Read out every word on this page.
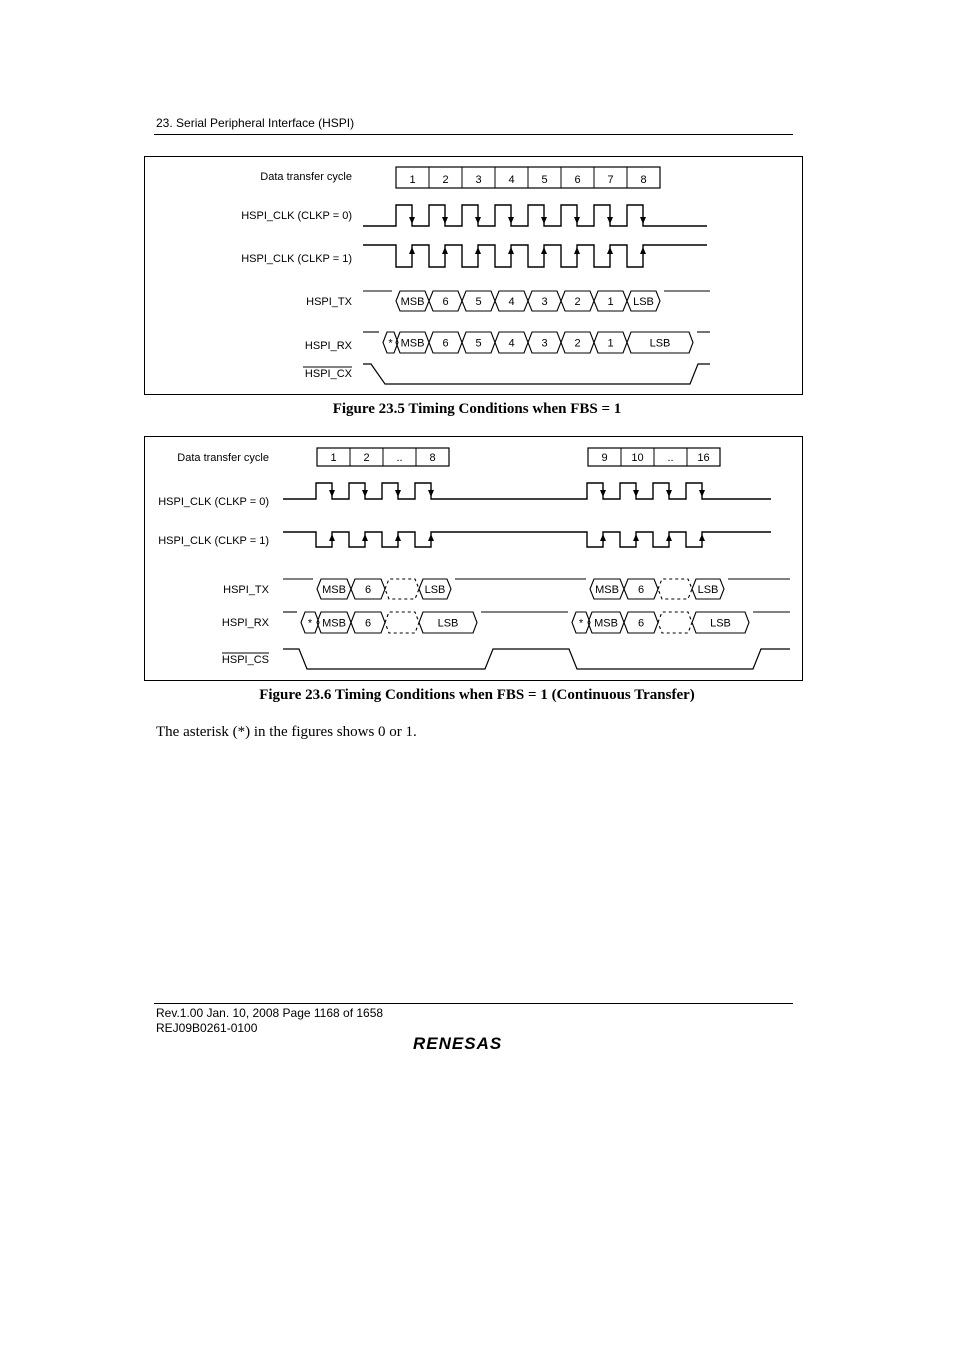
23. Serial Peripheral Interface (HSPI)
Data transfer cycle
HSPI_CLK (CLKP = 0)
HSPI_CLK (CLKP = 1)
HSPI_TX
HSPI_RX
HSPI_CX
1 2 3 4 5 6 7 8
MSB 6 5 4 3 2 1 LSB
* MSB 6 5 4 3 2 1	LSB
Figure 23.5 Timing Conditions when FBS = 1
Data transfer cycle
HSPI_CLK (CLKP = 0)
HSPI_CLK (CLKP = 1)
HSPI_TX
HSPI_RX
HSPI_CS
1 2 .. 8	9 10 .. 16
MSB 6	LSB	MSB 6	LSB
* MSB 6	LSB	* MSB 6	LSB
Figure 23.6 Timing Conditions when FBS = 1 (Continuous Transfer)
The asterisk (*) in the figures shows 0 or 1.
Rev.1.00 Jan. 10, 2008 Page 1168 of 1658
REJ09B0261-0100
RENESAS
